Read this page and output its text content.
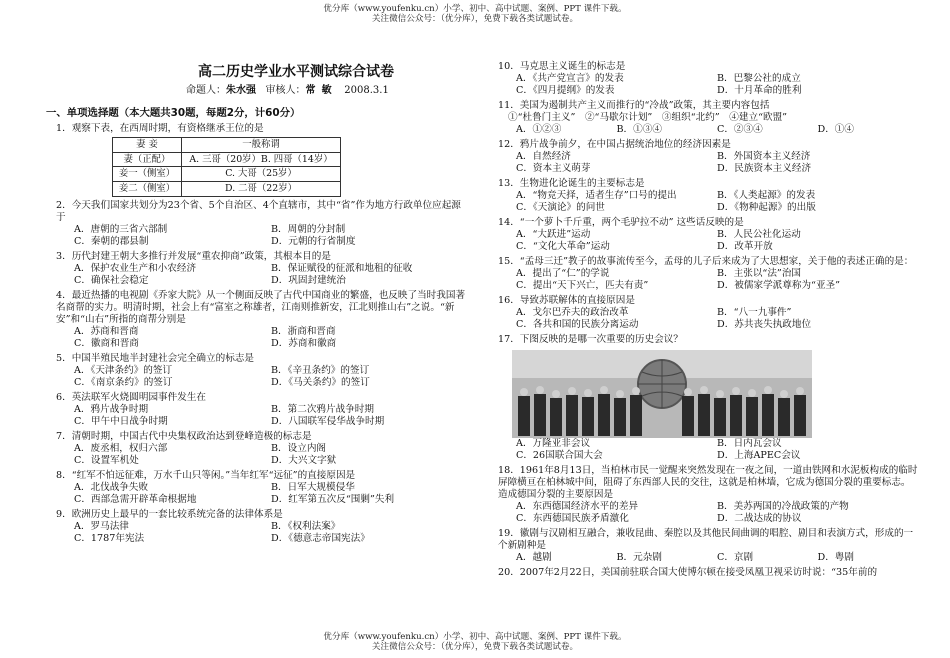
优分库（www.youfenku.cn）小学、初中、高中试题、案例、PPT 课件下载。
关注微信公众号：（优分库），免费下载各类试题试卷。
高二历史学业水平测试综合试卷
命题人：朱水强 审核人：常 敏 2008.3.1
一、单项选择题（本大题共30题，每题2分，计60分）
1．观察下表，在西周时期，有资格继承王位的是
妻 妾	一般称谓
妻（正配）	A. 三哥（20岁）B. 四哥（14岁）
妾一（侧室）	C. 大哥（25岁）
妾二（侧室）	D. 二哥（22岁）
2．今天我们国家共划分为23个省、5个自治区、4个直辖市，其中“省”作为地方行政单位应起源于
A．唐朝的三省六部制	B．周朝的分封制
C．秦朝的郡县制	D．元朝的行省制度
3．历代封建王朝大多推行并发展“重农抑商”政策，其根本目的是
A．保护农业生产和小农经济	B．保证赋役的征派和地租的征收
C．确保社会稳定	D．巩固封建统治
4．最近热播的电视剧《乔家大院》从一个侧面反映了古代中国商业的繁盛，也反映了当时我国著名商帮的实力。明清时期，社会上有“富室之称雄者，江南则推新安，江北则推山右”之说。“新安”和“山右”所指的商帮分别是
A．苏商和晋商	B．浙商和晋商
C．徽商和晋商	D．苏商和徽商
5．中国半殖民地半封建社会完全确立的标志是
A．《天津条约》的签订	B．《辛丑条约》的签订
C．《南京条约》的签订	D．《马关条约》的签订
6．英法联军火烧圆明园事件发生在
A．鸦片战争时期	B．第二次鸦片战争时期
C．甲午中日战争时期	D．八国联军侵华战争时期
7．清朝时期，中国古代中央集权政治达到登峰造极的标志是
A．废丞相，权归六部	B．设立内阁
C．设置军机处	D．大兴文字狱
8．“红军不怕远征难，万水千山只等闲。”当年红军“远征”的直接原因是
A．北伐战争失败	B．日军大规模侵华
C．西部急需开辟革命根据地	D．红军第五次反“围剿”失利
9．欧洲历史上最早的一套比较系统完备的法律体系是
A．罗马法律	B．《权利法案》
C．1787年宪法	D．《德意志帝国宪法》
10．马克思主义诞生的标志是
A．《共产党宣言》的发表	B．巴黎公社的成立
C．《四月提纲》的发表	D．十月革命的胜利
11．美国为遏制共产主义而推行的“冷战”政策，其主要内容包括
①“杜鲁门主义”　②“马歇尔计划”　③组织“北约”　④建立“欧盟”
A．①②③	B．①③④	C．②③④	D．①④
12．鸦片战争前夕，在中国占据统治地位的经济因素是
A．自然经济	B．外国资本主义经济
C．资本主义萌芽	D．民族资本主义经济
13．生物进化论诞生的主要标志是
A．“物竞天择，适者生存”口号的提出	B．《人类起源》的发表
C．《天演论》的问世	D．《物种起源》的出版
14．“一个萝卜千斤重，两个毛驴拉不动” 这些话反映的是
A．“大跃进”运动	B．人民公社化运动
C．“文化大革命”运动	D．改革开放
15．“孟母三迁”教子的故事流传至今，孟母的儿子后来成为了大思想家，关于他的表述正确的是：
A．提出了“仁”的学说	B．主张以“法”治国
C．提出“天下兴亡，匹夫有责”	D．被儒家学派尊称为“亚圣”
16．导致苏联解体的直接原因是
A．戈尔巴乔夫的政治改革	B．“八一九事件”
C．各共和国的民族分离运动	D．苏共丧失执政地位
17．下图反映的是哪一次重要的历史会议？
A．万隆亚非会议	B．日内瓦会议
C．26国联合国大会	D．上海APEC会议
18．1961年8月13日，当柏林市民一觉醒来突然发现在一夜之间，一道由铁网和水泥板构成的临时屏障横亘在柏林城中间，阻碍了东西部人民的交往，这就是柏林墙，它成为德国分裂的重要标志。造成德国分裂的主要原因是
A．东西德国经济水平的差异	B．美苏两国的冷战政策的产物
C．东西德国民族矛盾激化	D．二战达成的协议
19．徽剧与汉剧相互融合，兼收昆曲、秦腔以及其他民间曲调的唱腔、剧目和表演方式，形成的一个新剧种是
A．越剧	B．元杂剧	C．京剧	D．粤剧
20．2007年2月22日，美国前驻联合国大使博尔顿在接受凤凰卫视采访时说：“35年前的
优分库（www.youfenku.cn）小学、初中、高中试题、案例、PPT 课件下载。
关注微信公众号：（优分库），免费下载各类试题试卷。
